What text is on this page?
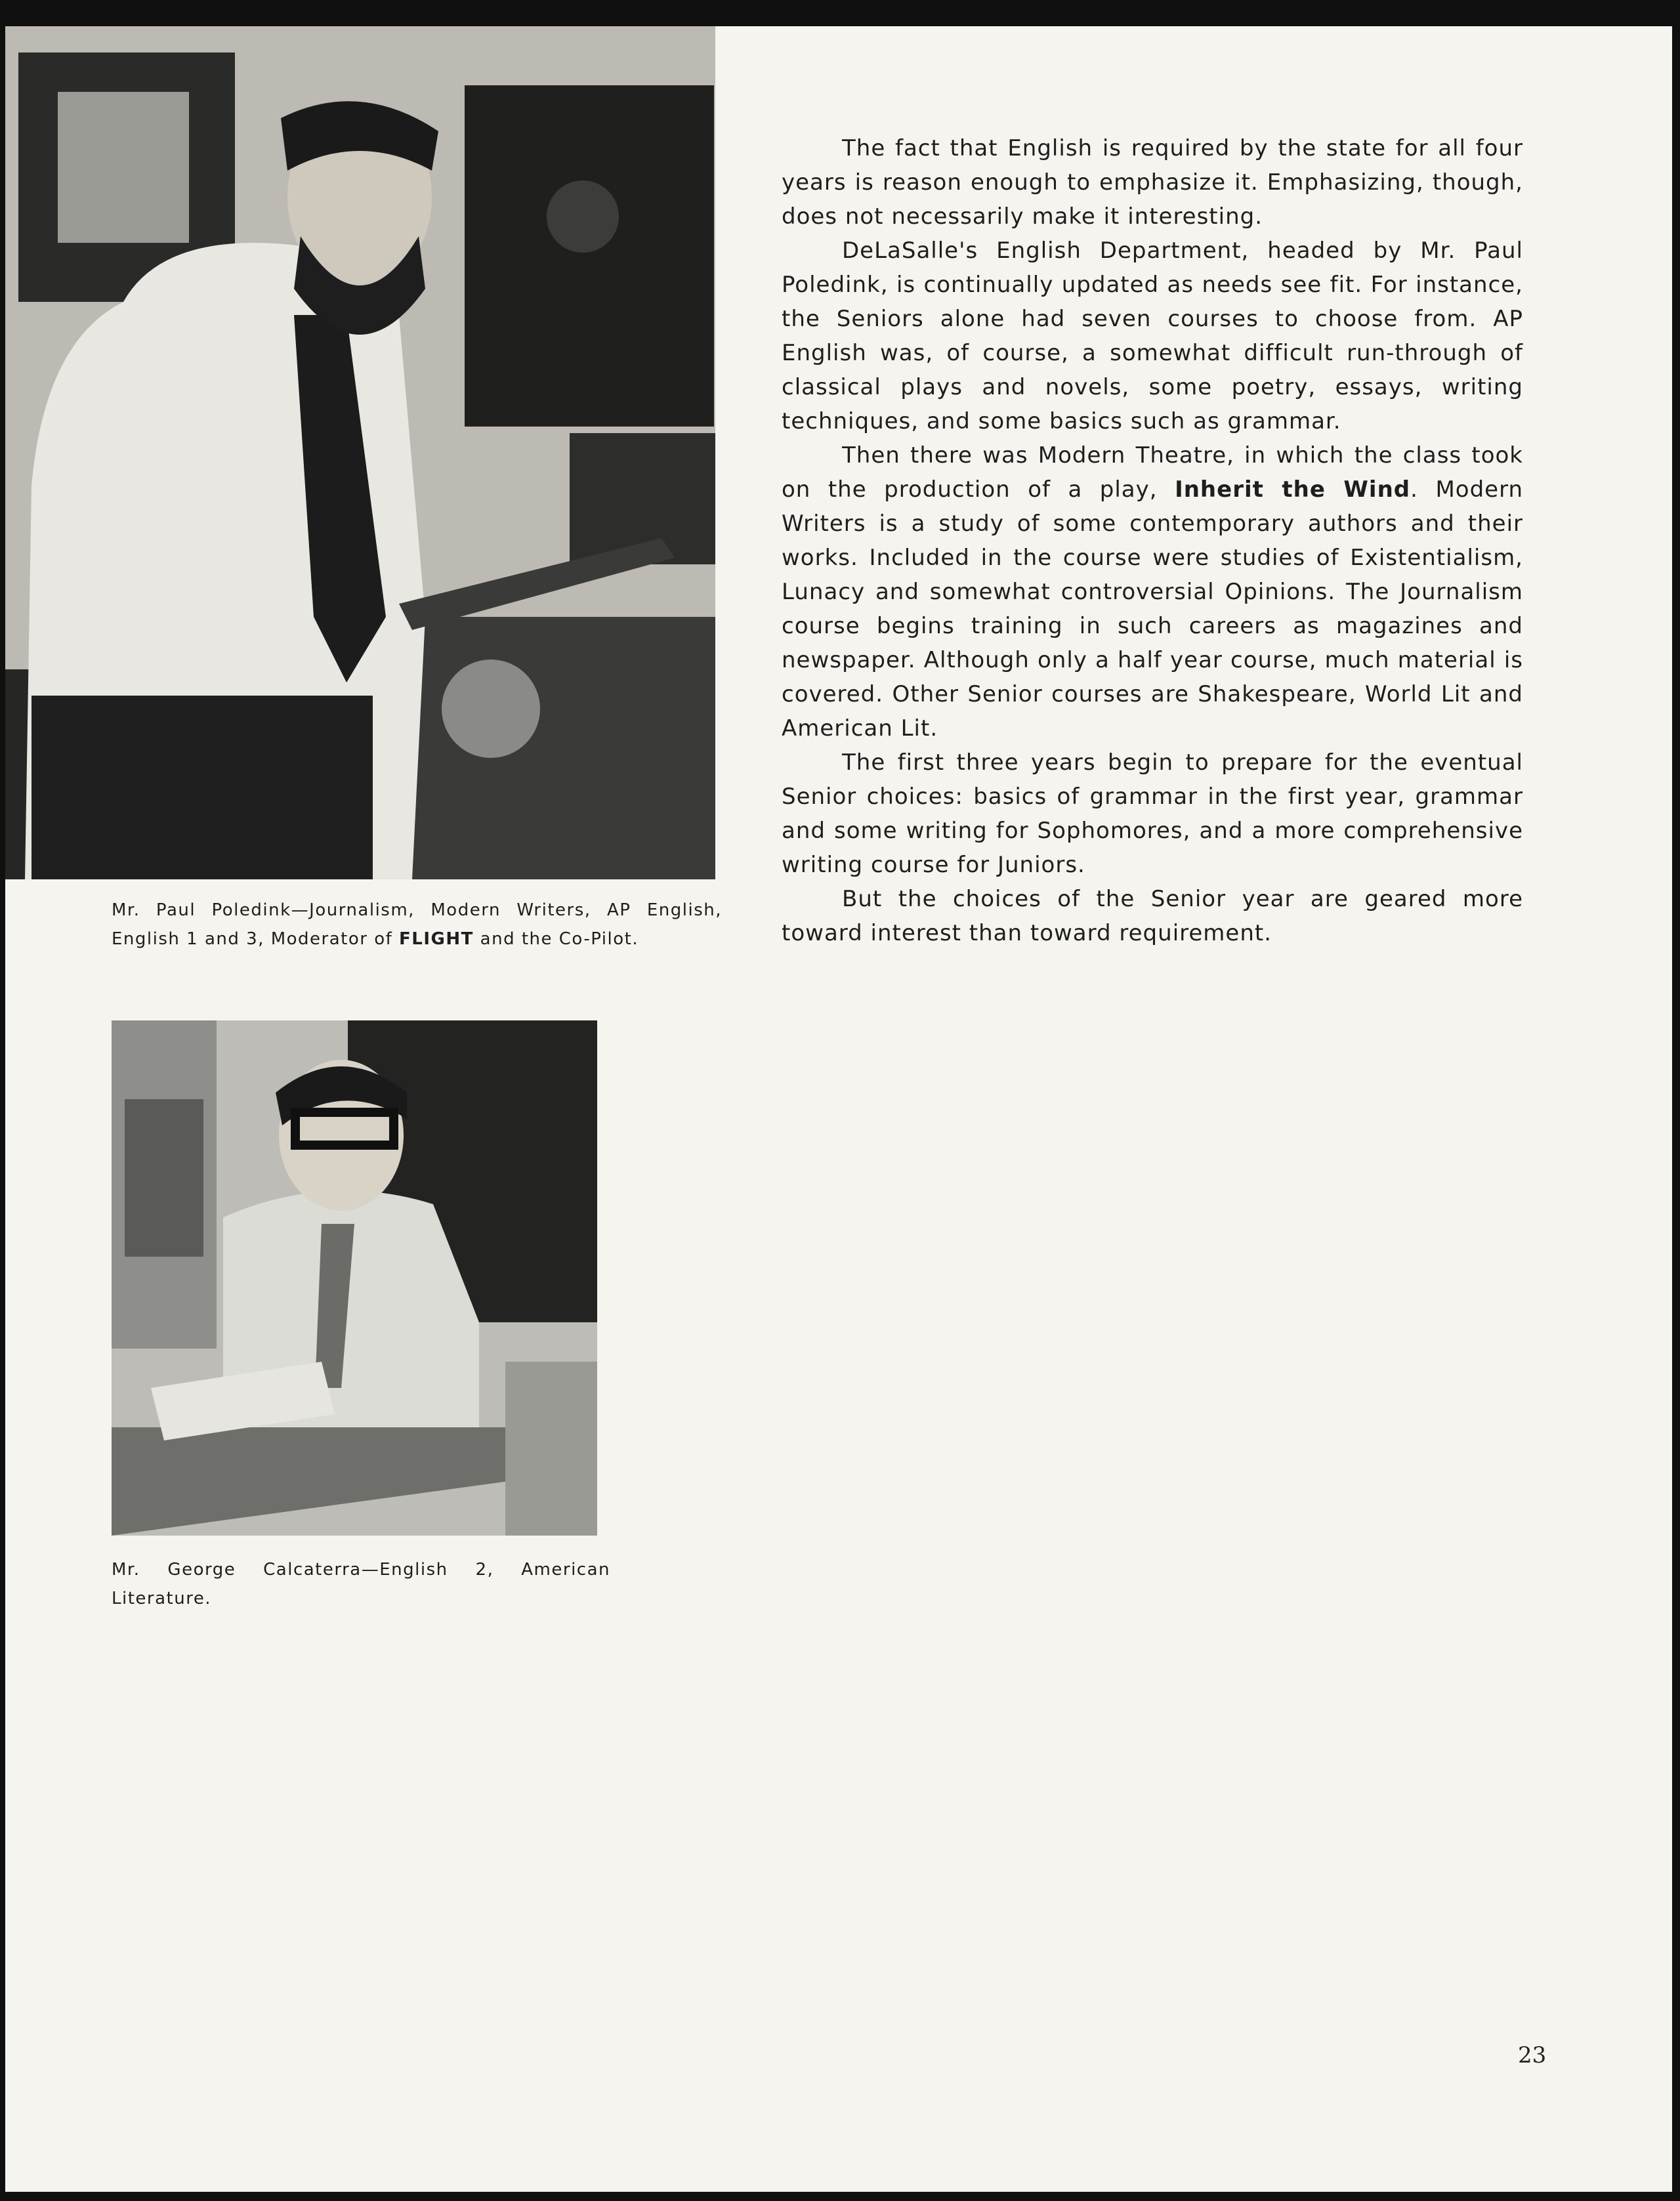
Mr. Paul Poledink—Journalism, Modern Writers, AP English, English 1 and 3, Moderator of FLIGHT and the Co-Pilot.
Mr. George Calcaterra—English 2, American Literature.

The fact that English is required by the state for all four years is reason enough to emphasize it. Emphasizing, though, does not necessarily make it interesting.

DeLaSalle's English Department, headed by Mr. Paul Poledink, is continually updated as needs see fit. For instance, the Seniors alone had seven courses to choose from. AP English was, of course, a somewhat difficult run-through of classical plays and novels, some poetry, essays, writing techniques, and some basics such as grammar.

Then there was Modern Theatre, in which the class took on the production of a play, Inherit the Wind. Modern Writers is a study of some contemporary authors and their works. Included in the course were studies of Existentialism, Lunacy and somewhat controversial Opinions. The Journalism course begins training in such careers as magazines and newspaper. Although only a half year course, much material is covered. Other Senior courses are Shakespeare, World Lit and American Lit.

The first three years begin to prepare for the eventual Senior choices: basics of grammar in the first year, grammar and some writing for Sophomores, and a more comprehensive writing course for Juniors.

But the choices of the Senior year are geared more toward interest than toward requirement.

23
